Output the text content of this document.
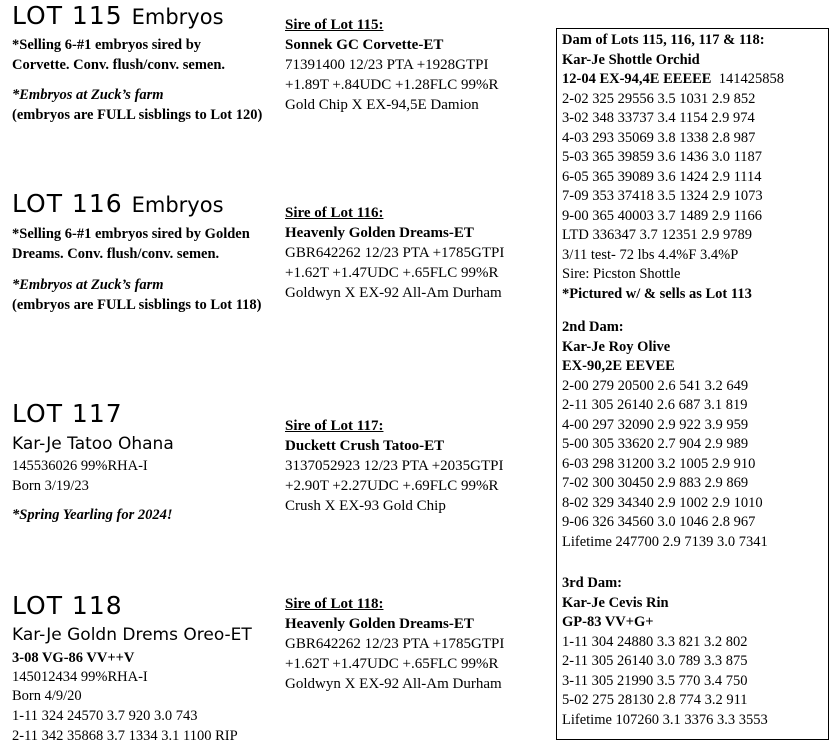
LOT 115 Embryos
*Selling 6-#1 embryos sired by
Corvette. Conv. flush/conv. semen.
*Embryos at Zuck’s farm
(embryos are FULL sisblings to Lot 120)
Sire of Lot 115:
Sonnek GC Corvette-ET
71391400 12/23 PTA +1928GTPI
+1.89T +.84UDC +1.28FLC 99%R
Gold Chip X EX-94,5E Damion
LOT 116 Embryos
*Selling 6-#1 embryos sired by Golden
Dreams. Conv. flush/conv. semen.
*Embryos at Zuck’s farm
(embryos are FULL sisblings to Lot 118)
Sire of Lot 116:
Heavenly Golden Dreams-ET
GBR642262 12/23 PTA +1785GTPI
+1.62T +1.47UDC +.65FLC 99%R
Goldwyn X EX-92 All-Am Durham
LOT 117
Kar-Je Tatoo Ohana
145536026 99%RHA-I
Born 3/19/23
*Spring Yearling for 2024!
Sire of Lot 117:
Duckett Crush Tatoo-ET
3137052923 12/23 PTA +2035GTPI
+2.90T +2.27UDC +.69FLC 99%R
Crush X EX-93 Gold Chip
LOT 118
Kar-Je Goldn Drems Oreo-ET
3-08 VG-86 VV++V
145012434 99%RHA-I
Born 4/9/20
1-11 324 24570 3.7 920 3.0 743
2-11 342 35868 3.7 1334 3.1 1100 RIP
Sire of Lot 118:
Heavenly Golden Dreams-ET
GBR642262 12/23 PTA +1785GTPI
+1.62T +1.47UDC +.65FLC 99%R
Goldwyn X EX-92 All-Am Durham
Dam of Lots 115, 116, 117 & 118:
Kar-Je Shottle Orchid
12-04 EX-94,4E EEEEE 141425858
2-02 325 29556 3.5 1031 2.9 852
3-02 348 33737 3.4 1154 2.9 974
4-03 293 35069 3.8 1338 2.8 987
5-03 365 39859 3.6 1436 3.0 1187
6-05 365 39089 3.6 1424 2.9 1114
7-09 353 37418 3.5 1324 2.9 1073
9-00 365 40003 3.7 1489 2.9 1166
LTD 336347 3.7 12351 2.9 9789
3/11 test- 72 lbs 4.4%F 3.4%P
Sire: Picston Shottle
*Pictured w/ & sells as Lot 113
2nd Dam:
Kar-Je Roy Olive
EX-90,2E EEVEE
2-00 279 20500 2.6 541 3.2 649
2-11 305 26140 2.6 687 3.1 819
4-00 297 32090 2.9 922 3.9 959
5-00 305 33620 2.7 904 2.9 989
6-03 298 31200 3.2 1005 2.9 910
7-02 300 30450 2.9 883 2.9 869
8-02 329 34340 2.9 1002 2.9 1010
9-06 326 34560 3.0 1046 2.8 967
Lifetime 247700 2.9 7139 3.0 7341
3rd Dam:
Kar-Je Cevis Rin
GP-83 VV+G+
1-11 304 24880 3.3 821 3.2 802
2-11 305 26140 3.0 789 3.3 875
3-11 305 21990 3.5 770 3.4 750
5-02 275 28130 2.8 774 3.2 911
Lifetime 107260 3.1 3376 3.3 3553
